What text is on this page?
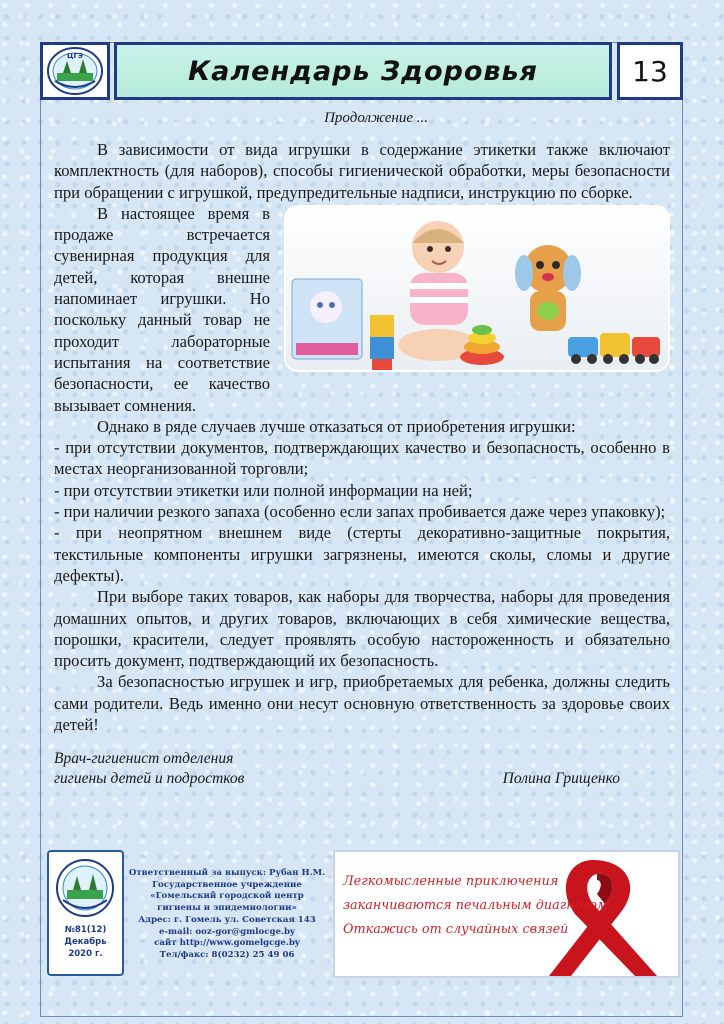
ЦГЭ	Календарь Здоровья	13
Продолжение ...

В зависимости от вида игрушки в содержание этикетки также включают комплектность (для наборов), способы гигиенической обработки, меры безопасности при обращении с игрушкой, предупредительные надписи, инструкцию по сборке.

В настоящее время в продаже встречается сувенирная продукция для детей, которая внешне напоминает игрушки. Но поскольку данный товар не проходит лабораторные испытания на соответствие безопасности, ее качество вызывает сомнения.

Однако в ряде случаев лучше отказаться от приобретения игрушки:

- при отсутствии документов, подтверждающих качество и безопасность, особенно в местах неорганизованной торговли;

- при отсутствии этикетки или полной информации на ней;

- при наличии резкого запаха (особенно если запах пробивается даже через упаковку);

- при неопрятном внешнем виде (стерты декоративно-защитные покрытия, текстильные компоненты игрушки загрязнены, имеются сколы, сломы и другие дефекты).

При выборе таких товаров, как наборы для творчества, наборы для проведения домашних опытов, и других товаров, включающих в себя химические вещества, порошки, красители, следует проявлять особую настороженность и обязательно просить документ, подтверждающий их безопасность.

За безопасностью игрушек и игр, приобретаемых для ребенка, должны следить сами родители. Ведь именно они несут основную ответственность за здоровье своих детей!

Врач-гигиенист отделения
гигиены детей и подростков	Полина Грищенко
№81(12)
Декабрь
2020 г.
Ответственный за выпуск: Рубан Н.М.
Государственное учреждение
«Гомельский городской центр
гигиены и эпидемиологии»
Адрес: г. Гомель ул. Советская 143
e-mail: ooz-gor@gmlocge.by
сайт http://www.gomelgcge.by
Тел/факс: 8(0232) 25 49 06
Легкомысленные приключения
заканчиваются печальным диагнозом.
Откажись от случайных связей
